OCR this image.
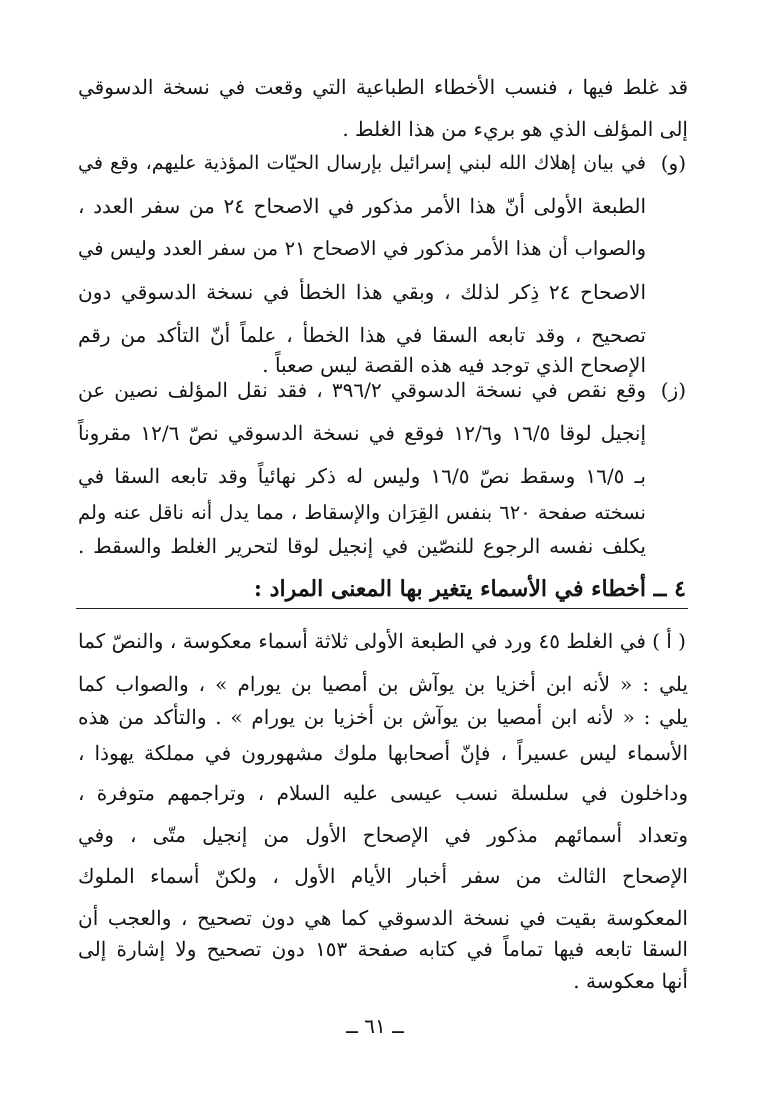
قد غلط فيها ، فنسب الأخطاء الطباعية التي وقعت في نسخة الدسوقي
إلى المؤلف الذي هو بريء من هذا الغلط .
(و)
في بيان إهلاك الله لبني إسرائيل بإرسال الحيّات المؤذية عليهم، وقع في
الطبعة الأولى أنّ هذا الأمر مذكور في الاصحاح ٢٤ من سفر العدد ،
والصواب أن هذا الأمر مذكور في الاصحاح ٢١ من سفر العدد وليس في
الاصحاح ٢٤ ذِكر لذلك ، وبقي هذا الخطأ في نسخة الدسوقي دون
تصحيح ، وقد تابعه السقا في هذا الخطأ ، علماً أنّ التأكد من رقم
الإصحاح الذي توجد فيه هذه القصة ليس صعباً .
(ز)
وقع نقص في نسخة الدسوقي ٣٩٦/٢ ، فقد نقل المؤلف نصين عن
إنجيل لوقا ١٦/٥ و١٢/٦ فوقع في نسخة الدسوقي نصّ ١٢/٦ مقروناً
بـ ١٦/٥ وسقط نصّ ١٦/٥ وليس له ذكر نهائياً وقد تابعه السقا في
نسخته صفحة ٦٢٠ بنفس القِرَان والإسقاط ، مما يدل أنه ناقل عنه ولم
يكلف نفسه الرجوع للنصّين في إنجيل لوقا لتحرير الغلط والسقط .
٤ ــ أخطاء في الأسماء يتغير بها المعنى المراد :
( أ )
في الغلط ٤٥ ورد في الطبعة الأولى ثلاثة أسماء معكوسة ، والنصّ كما
يلي : « لأنه ابن أخزيا بن يوآش بن أمصيا بن يورام » ، والصواب كما
يلي : « لأنه ابن أمصيا بن يوآش بن أخزيا بن يورام » . والتأكد من هذه
الأسماء ليس عسيراً ، فإنّ أصحابها ملوك مشهورون في مملكة يهوذا ،
وداخلون في سلسلة نسب عيسى عليه السلام ، وتراجمهم متوفرة ،
وتعداد أسمائهم مذكور في الإصحاح الأول من إنجيل متّى ، وفي
الإصحاح الثالث من سفر أخبار الأيام الأول ، ولكنّ أسماء الملوك
المعكوسة بقيت في نسخة الدسوقي كما هي دون تصحيح ، والعجب أن
السقا تابعه فيها تماماً في كتابه صفحة ١٥٣ دون تصحيح ولا إشارة إلى
أنها معكوسة .
ــ ٦١ ــ
